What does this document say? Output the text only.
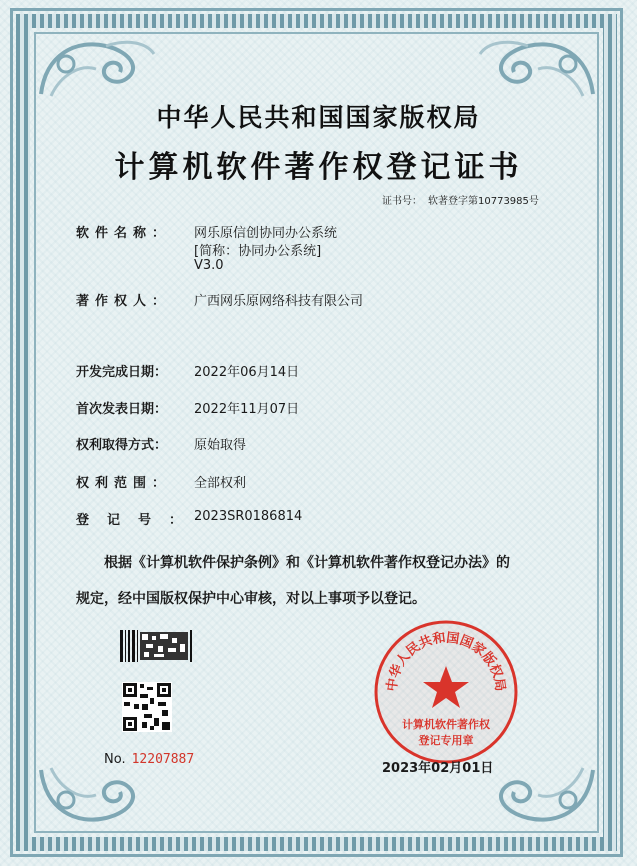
中华人民共和国国家版权局
计算机软件著作权登记证书
证书号： 软著登字第10773985号
软件名称：	网乐原信创协同办公系统
[简称：协同办公系统]
V3.0
著作权人：	广西网乐原网络科技有限公司
开发完成日期：	2022年06月14日
首次发表日期：	2022年11月07日
权利取得方式：	原始取得
权利范围：	全部权利
登记号：
2023SR0186814
根据《计算机软件保护条例》和《计算机软件著作权登记办法》的
规定，经中国版权保护中心审核，对以上事项予以登记。
No. 12207887
中华人民共和国国家版权局
计算机软件著作权
登记专用章
2023年02月01日
